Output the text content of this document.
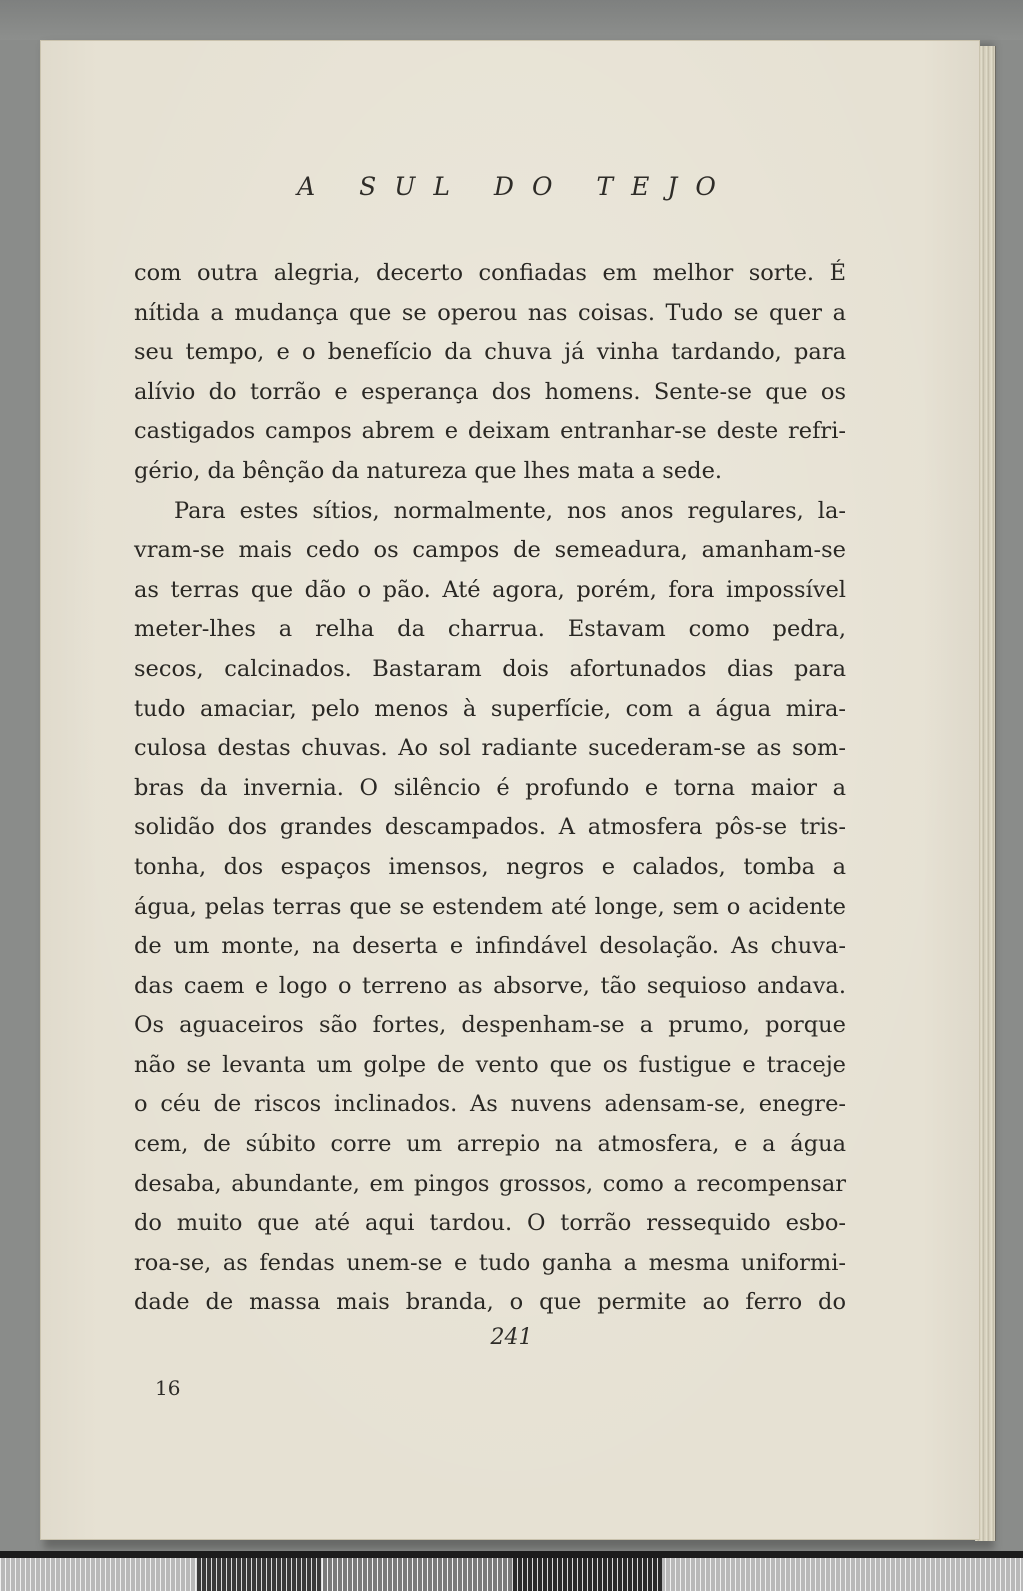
A SUL DO TEJO

com outra alegria, decerto confiadas em melhor sorte. É
nítida a mudança que se operou nas coisas. Tudo se quer a
seu tempo, e o benefício da chuva já vinha tardando, para
alívio do torrão e esperança dos homens. Sente-se que os
castigados campos abrem e deixam entranhar-se deste refri-
gério, da bênção da natureza que lhes mata a sede.

Para estes sítios, normalmente, nos anos regulares, la-
vram-se mais cedo os campos de semeadura, amanham-se
as terras que dão o pão. Até agora, porém, fora impossível
meter-lhes a relha da charrua. Estavam como pedra,
secos, calcinados. Bastaram dois afortunados dias para
tudo amaciar, pelo menos à superfície, com a água mira-
culosa destas chuvas. Ao sol radiante sucederam-se as som-
bras da invernia. O silêncio é profundo e torna maior a
solidão dos grandes descampados. A atmosfera pôs-se tris-
tonha, dos espaços imensos, negros e calados, tomba a
água, pelas terras que se estendem até longe, sem o acidente
de um monte, na deserta e infindável desolação. As chuva-
das caem e logo o terreno as absorve, tão sequioso andava.
Os aguaceiros são fortes, despenham-se a prumo, porque
não se levanta um golpe de vento que os fustigue e traceje
o céu de riscos inclinados. As nuvens adensam-se, enegre-
cem, de súbito corre um arrepio na atmosfera, e a água
desaba, abundante, em pingos grossos, como a recompensar
do muito que até aqui tardou. O torrão ressequido esbo-
roa-se, as fendas unem-se e tudo ganha a mesma uniformi-
dade de massa mais branda, o que permite ao ferro do

241
16
